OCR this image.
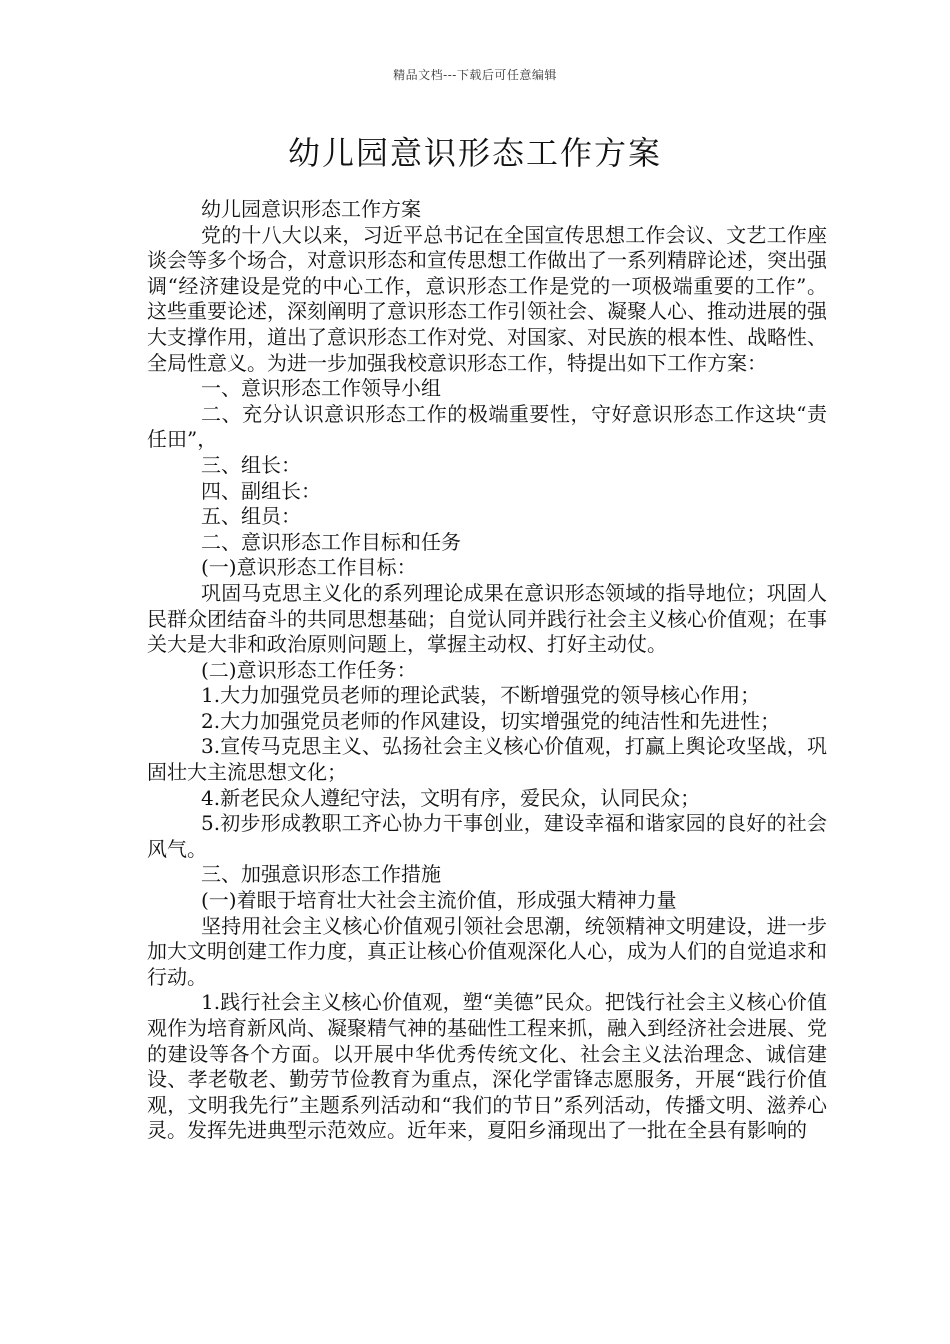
精品文档---下载后可任意编辑
幼儿园意识形态工作方案

幼儿园意识形态工作方案

党的十八大以来，习近平总书记在全国宣传思想工作会议、文艺工作座谈会等多个场合，对意识形态和宣传思想工作做出了一系列精辟论述，突出强调“经济建设是党的中心工作，意识形态工作是党的一项极端重要的工作”。这些重要论述，深刻阐明了意识形态工作引领社会、凝聚人心、推动进展的强大支撑作用，道出了意识形态工作对党、对国家、对民族的根本性、战略性、全局性意义。为进一步加强我校意识形态工作，特提出如下工作方案：

一、意识形态工作领导小组

二、充分认识意识形态工作的极端重要性，守好意识形态工作这块“责任田”，

三、组长：

四、副组长：

五、组员：

二、意识形态工作目标和任务

(一)意识形态工作目标：

巩固马克思主义化的系列理论成果在意识形态领域的指导地位；巩固人民群众团结奋斗的共同思想基础；自觉认同并践行社会主义核心价值观；在事关大是大非和政治原则问题上，掌握主动权、打好主动仗。

(二)意识形态工作任务：

1.大力加强党员老师的理论武装，不断增强党的领导核心作用；

2.大力加强党员老师的作风建设，切实增强党的纯洁性和先进性；

3.宣传马克思主义、弘扬社会主义核心价值观，打赢上舆论攻坚战，巩固壮大主流思想文化；

4.新老民众人遵纪守法，文明有序，爱民众，认同民众；

5.初步形成教职工齐心协力干事创业，建设幸福和谐家园的良好的社会风气。

三、加强意识形态工作措施

(一)着眼于培育壮大社会主流价值，形成强大精神力量

坚持用社会主义核心价值观引领社会思潮，统领精神文明建设，进一步加大文明创建工作力度，真正让核心价值观深化人心，成为人们的自觉追求和行动。

1.践行社会主义核心价值观，塑“美德”民众。把饯行社会主义核心价值观作为培育新风尚、凝聚精气神的基础性工程来抓，融入到经济社会进展、党的建设等各个方面。以开展中华优秀传统文化、社会主义法治理念、诚信建设、孝老敬老、勤劳节俭教育为重点，深化学雷锋志愿服务，开展“践行价值观，文明我先行”主题系列活动和“我们的节日”系列活动，传播文明、滋养心灵。发挥先进典型示范效应。近年来，夏阳乡涌现出了一批在全县有影响的
